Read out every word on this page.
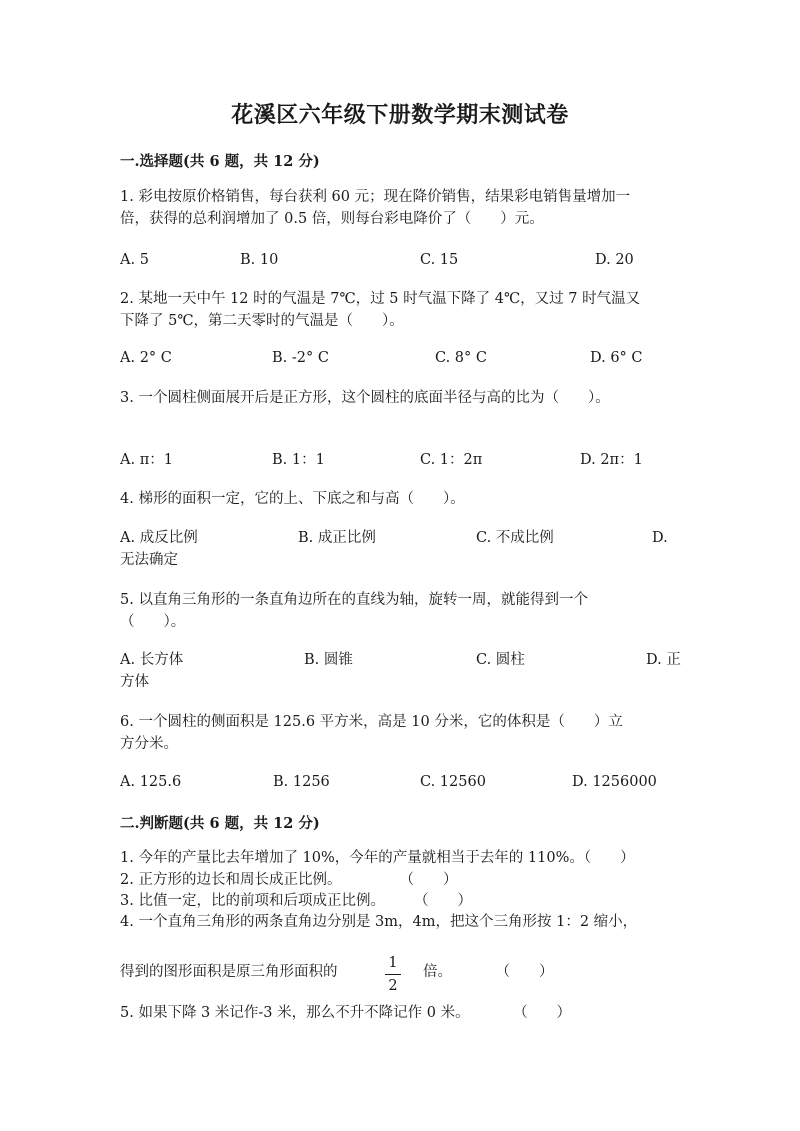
花溪区六年级下册数学期末测试卷
一.选择题(共 6 题，共 12 分)
1. 彩电按原价格销售，每台获利 60 元；现在降价销售，结果彩电销售量增加一
倍，获得的总利润增加了 0.5 倍，则每台彩电降价了（　　）元。
A. 5	B. 10	C. 15	D. 20
2. 某地一天中午 12 时的气温是 7℃，过 5 时气温下降了 4℃，又过 7 时气温又
下降了 5℃，第二天零时的气温是（　　）。
A. 2° C	B. -2° C	C. 8° C	D. 6° C
3. 一个圆柱侧面展开后是正方形，这个圆柱的底面半径与高的比为（　　）。
A. π：1	B. 1：1	C. 1：2π	D. 2π：1
4. 梯形的面积一定，它的上、下底之和与高（　　）。
A. 成反比例	B. 成正比例	C. 不成比例	D.
无法确定
5. 以直角三角形的一条直角边所在的直线为轴，旋转一周，就能得到一个
（　　）。
A. 长方体	B. 圆锥	C. 圆柱	D. 正
方体
6. 一个圆柱的侧面积是 125.6 平方米，高是 10 分米，它的体积是（　　）立
方分米。
A. 125.6	B. 1256	C. 12560	D. 1256000
二.判断题(共 6 题，共 12 分)
1. 今年的产量比去年增加了 10%，今年的产量就相当于去年的 110%。（　　）
2. 正方形的边长和周长成正比例。　　　　　（　　）
3. 比值一定，比的前项和后项成正比例。　　　（　　）
4. 一个直角三角形的两条直角边分别是 3m，4m，把这个三角形按 1：2 缩小，
得到的图形面积是原三角形面积的
1
2
倍。　　　　（　　）
5. 如果下降 3 米记作-3 米，那么不升不降记作 0 米。　　　　（　　）
